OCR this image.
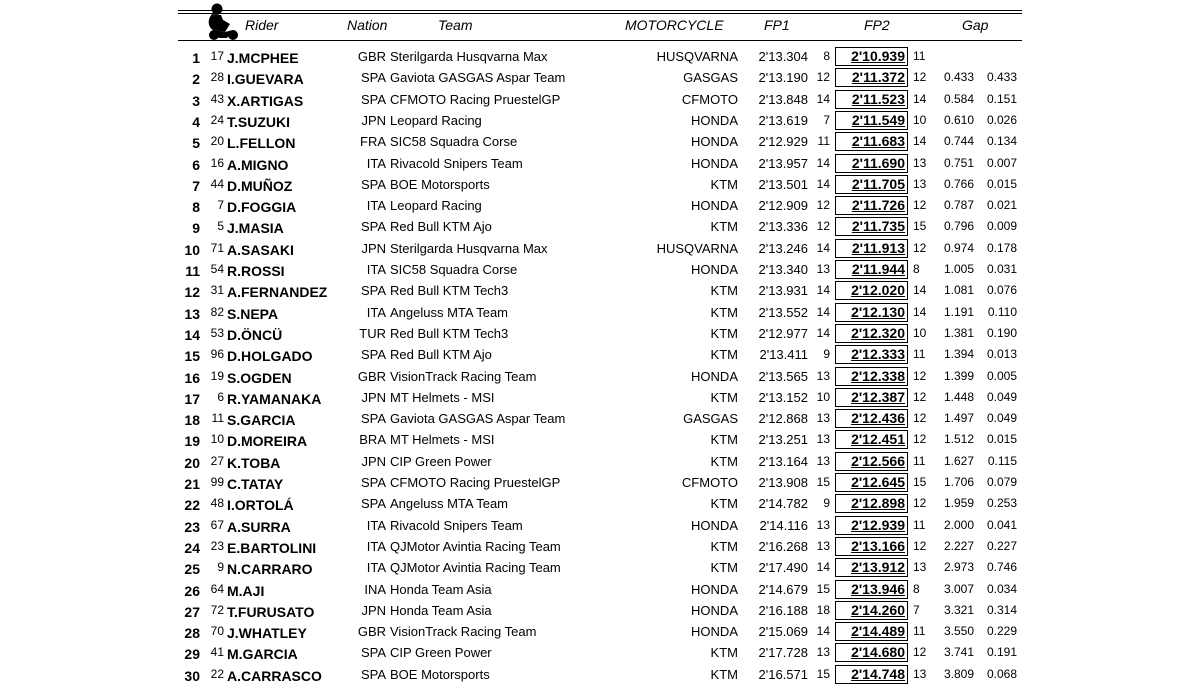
Rider	Nation	Team	MOTORCYCLE	FP1	FP2	Gap
1 17 J.MCPHEE	GBR Sterilgarda Husqvarna Max	HUSQVARNA 2'13.304 8	2'10.939 11
2 28 I.GUEVARA	SPA Gaviota GASGAS Aspar Team	GASGAS 2'13.190 12	2'11.372 12 0.433 0.433
3 43 X.ARTIGAS	SPA CFMOTO Racing PruestelGP	CFMOTO 2'13.848 14	2'11.523 14 0.584 0.151
4 24 T.SUZUKI	JPN Leopard Racing	HONDA 2'13.619 7	2'11.549 10 0.610 0.026
5 20 L.FELLON	FRA SIC58 Squadra Corse	HONDA 2'12.929 11	2'11.683 14 0.744 0.134
6 16 A.MIGNO	ITA Rivacold Snipers Team	HONDA 2'13.957 14	2'11.690 13 0.751 0.007
7 44 D.MUÑOZ	SPA BOE Motorsports	KTM 2'13.501 14	2'11.705 13 0.766 0.015
8 7 D.FOGGIA	ITA Leopard Racing	HONDA 2'12.909 12	2'11.726 12 0.787 0.021
9 5 J.MASIA	SPA Red Bull KTM Ajo	KTM 2'13.336 12	2'11.735 15 0.796 0.009
10 71 A.SASAKI	JPN Sterilgarda Husqvarna Max	HUSQVARNA 2'13.246 14	2'11.913 12 0.974 0.178
11 54 R.ROSSI	ITA SIC58 Squadra Corse	HONDA 2'13.340 13	2'11.944 8 1.005 0.031
12 31 A.FERNANDEZ	SPA Red Bull KTM Tech3	KTM 2'13.931 14	2'12.020 14 1.081 0.076
13 82 S.NEPA	ITA Angeluss MTA Team	KTM 2'13.552 14	2'12.130 14 1.191 0.110
14 53 D.ÖNCÜ	TUR Red Bull KTM Tech3	KTM 2'12.977 14	2'12.320 10 1.381 0.190
15 96 D.HOLGADO	SPA Red Bull KTM Ajo	KTM 2'13.411 9	2'12.333 11 1.394 0.013
16 19 S.OGDEN	GBR VisionTrack Racing Team	HONDA 2'13.565 13	2'12.338 12 1.399 0.005
17 6 R.YAMANAKA	JPN MT Helmets - MSI	KTM 2'13.152 10	2'12.387 12 1.448 0.049
18 11 S.GARCIA	SPA Gaviota GASGAS Aspar Team	GASGAS 2'12.868 13	2'12.436 12 1.497 0.049
19 10 D.MOREIRA	BRA MT Helmets - MSI	KTM 2'13.251 13	2'12.451 12 1.512 0.015
20 27 K.TOBA	JPN CIP Green Power	KTM 2'13.164 13	2'12.566 11 1.627 0.115
21 99 C.TATAY	SPA CFMOTO Racing PruestelGP	CFMOTO 2'13.908 15	2'12.645 15 1.706 0.079
22 48 I.ORTOLÁ	SPA Angeluss MTA Team	KTM 2'14.782 9	2'12.898 12 1.959 0.253
23 67 A.SURRA	ITA Rivacold Snipers Team	HONDA 2'14.116 13	2'12.939 11 2.000 0.041
24 23 E.BARTOLINI	ITA QJMotor Avintia Racing Team	KTM 2'16.268 13	2'13.166 12 2.227 0.227
25 9 N.CARRARO	ITA QJMotor Avintia Racing Team	KTM 2'17.490 14	2'13.912 13 2.973 0.746
26 64 M.AJI	INA Honda Team Asia	HONDA 2'14.679 15	2'13.946 8 3.007 0.034
27 72 T.FURUSATO	JPN Honda Team Asia	HONDA 2'16.188 18	2'14.260 7 3.321 0.314
28 70 J.WHATLEY	GBR VisionTrack Racing Team	HONDA 2'15.069 14	2'14.489 11 3.550 0.229
29 41 M.GARCIA	SPA CIP Green Power	KTM 2'17.728 13	2'14.680 12 3.741 0.191
30 22 A.CARRASCO	SPA BOE Motorsports	KTM 2'16.571 15	2'14.748 13 3.809 0.068
